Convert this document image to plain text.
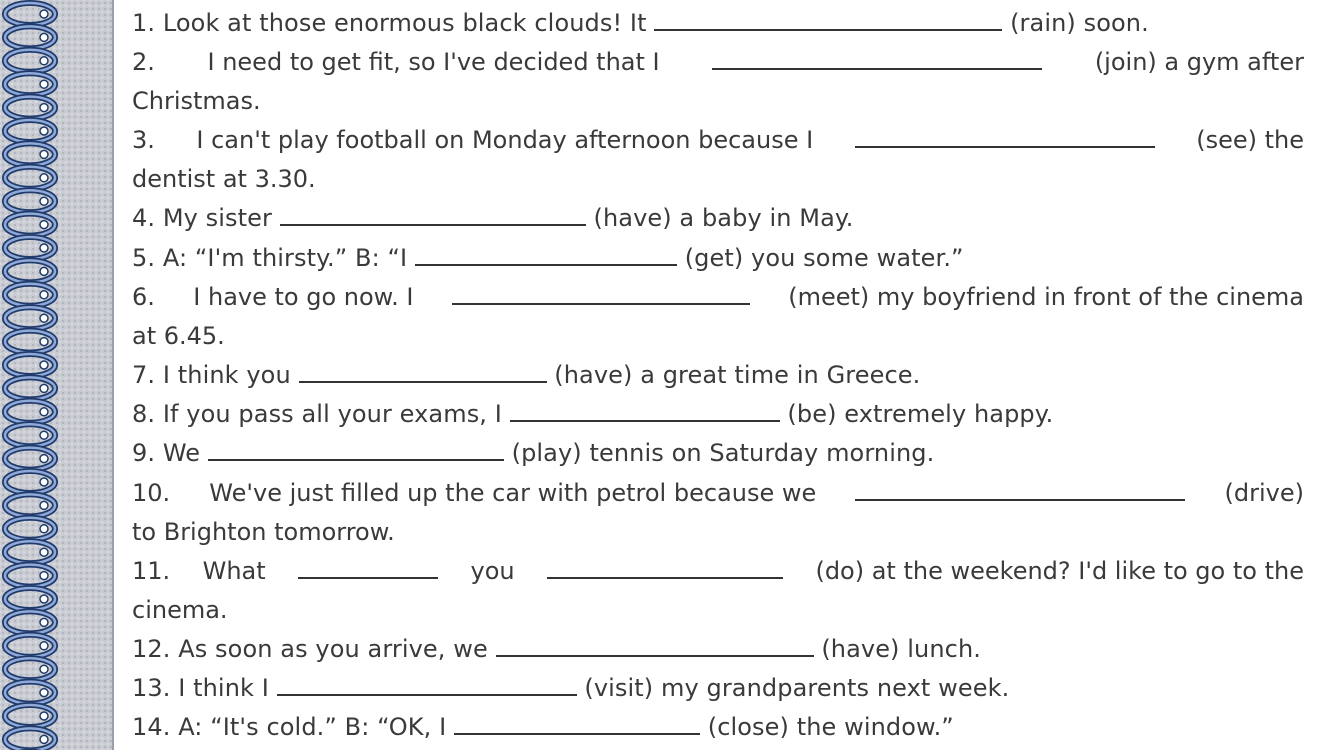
1. Look at those enormous black clouds! It	(rain) soon.
2. I need to get fit, so I've decided that I	(join) a gym after
Christmas.
3. I can't play football on Monday afternoon because I	(see) the
dentist at 3.30.
4. My sister	(have) a baby in May.
5. A: “I'm thirsty.” B: “I	(get) you some water.”
6. I have to go now. I	(meet) my boyfriend in front of the cinema
at 6.45.
7. I think you	(have) a great time in Greece.
8. If you pass all your exams, I	(be) extremely happy.
9. We	(play) tennis on Saturday morning.
10. We've just filled up the car with petrol because we	(drive)
to Brighton tomorrow.
11. What	you	(do) at the weekend? I'd like to go to the
cinema.
12. As soon as you arrive, we	(have) lunch.
13. I think I	(visit) my grandparents next week.
14. A: “It's cold.” B: “OK, I	(close) the window.”
